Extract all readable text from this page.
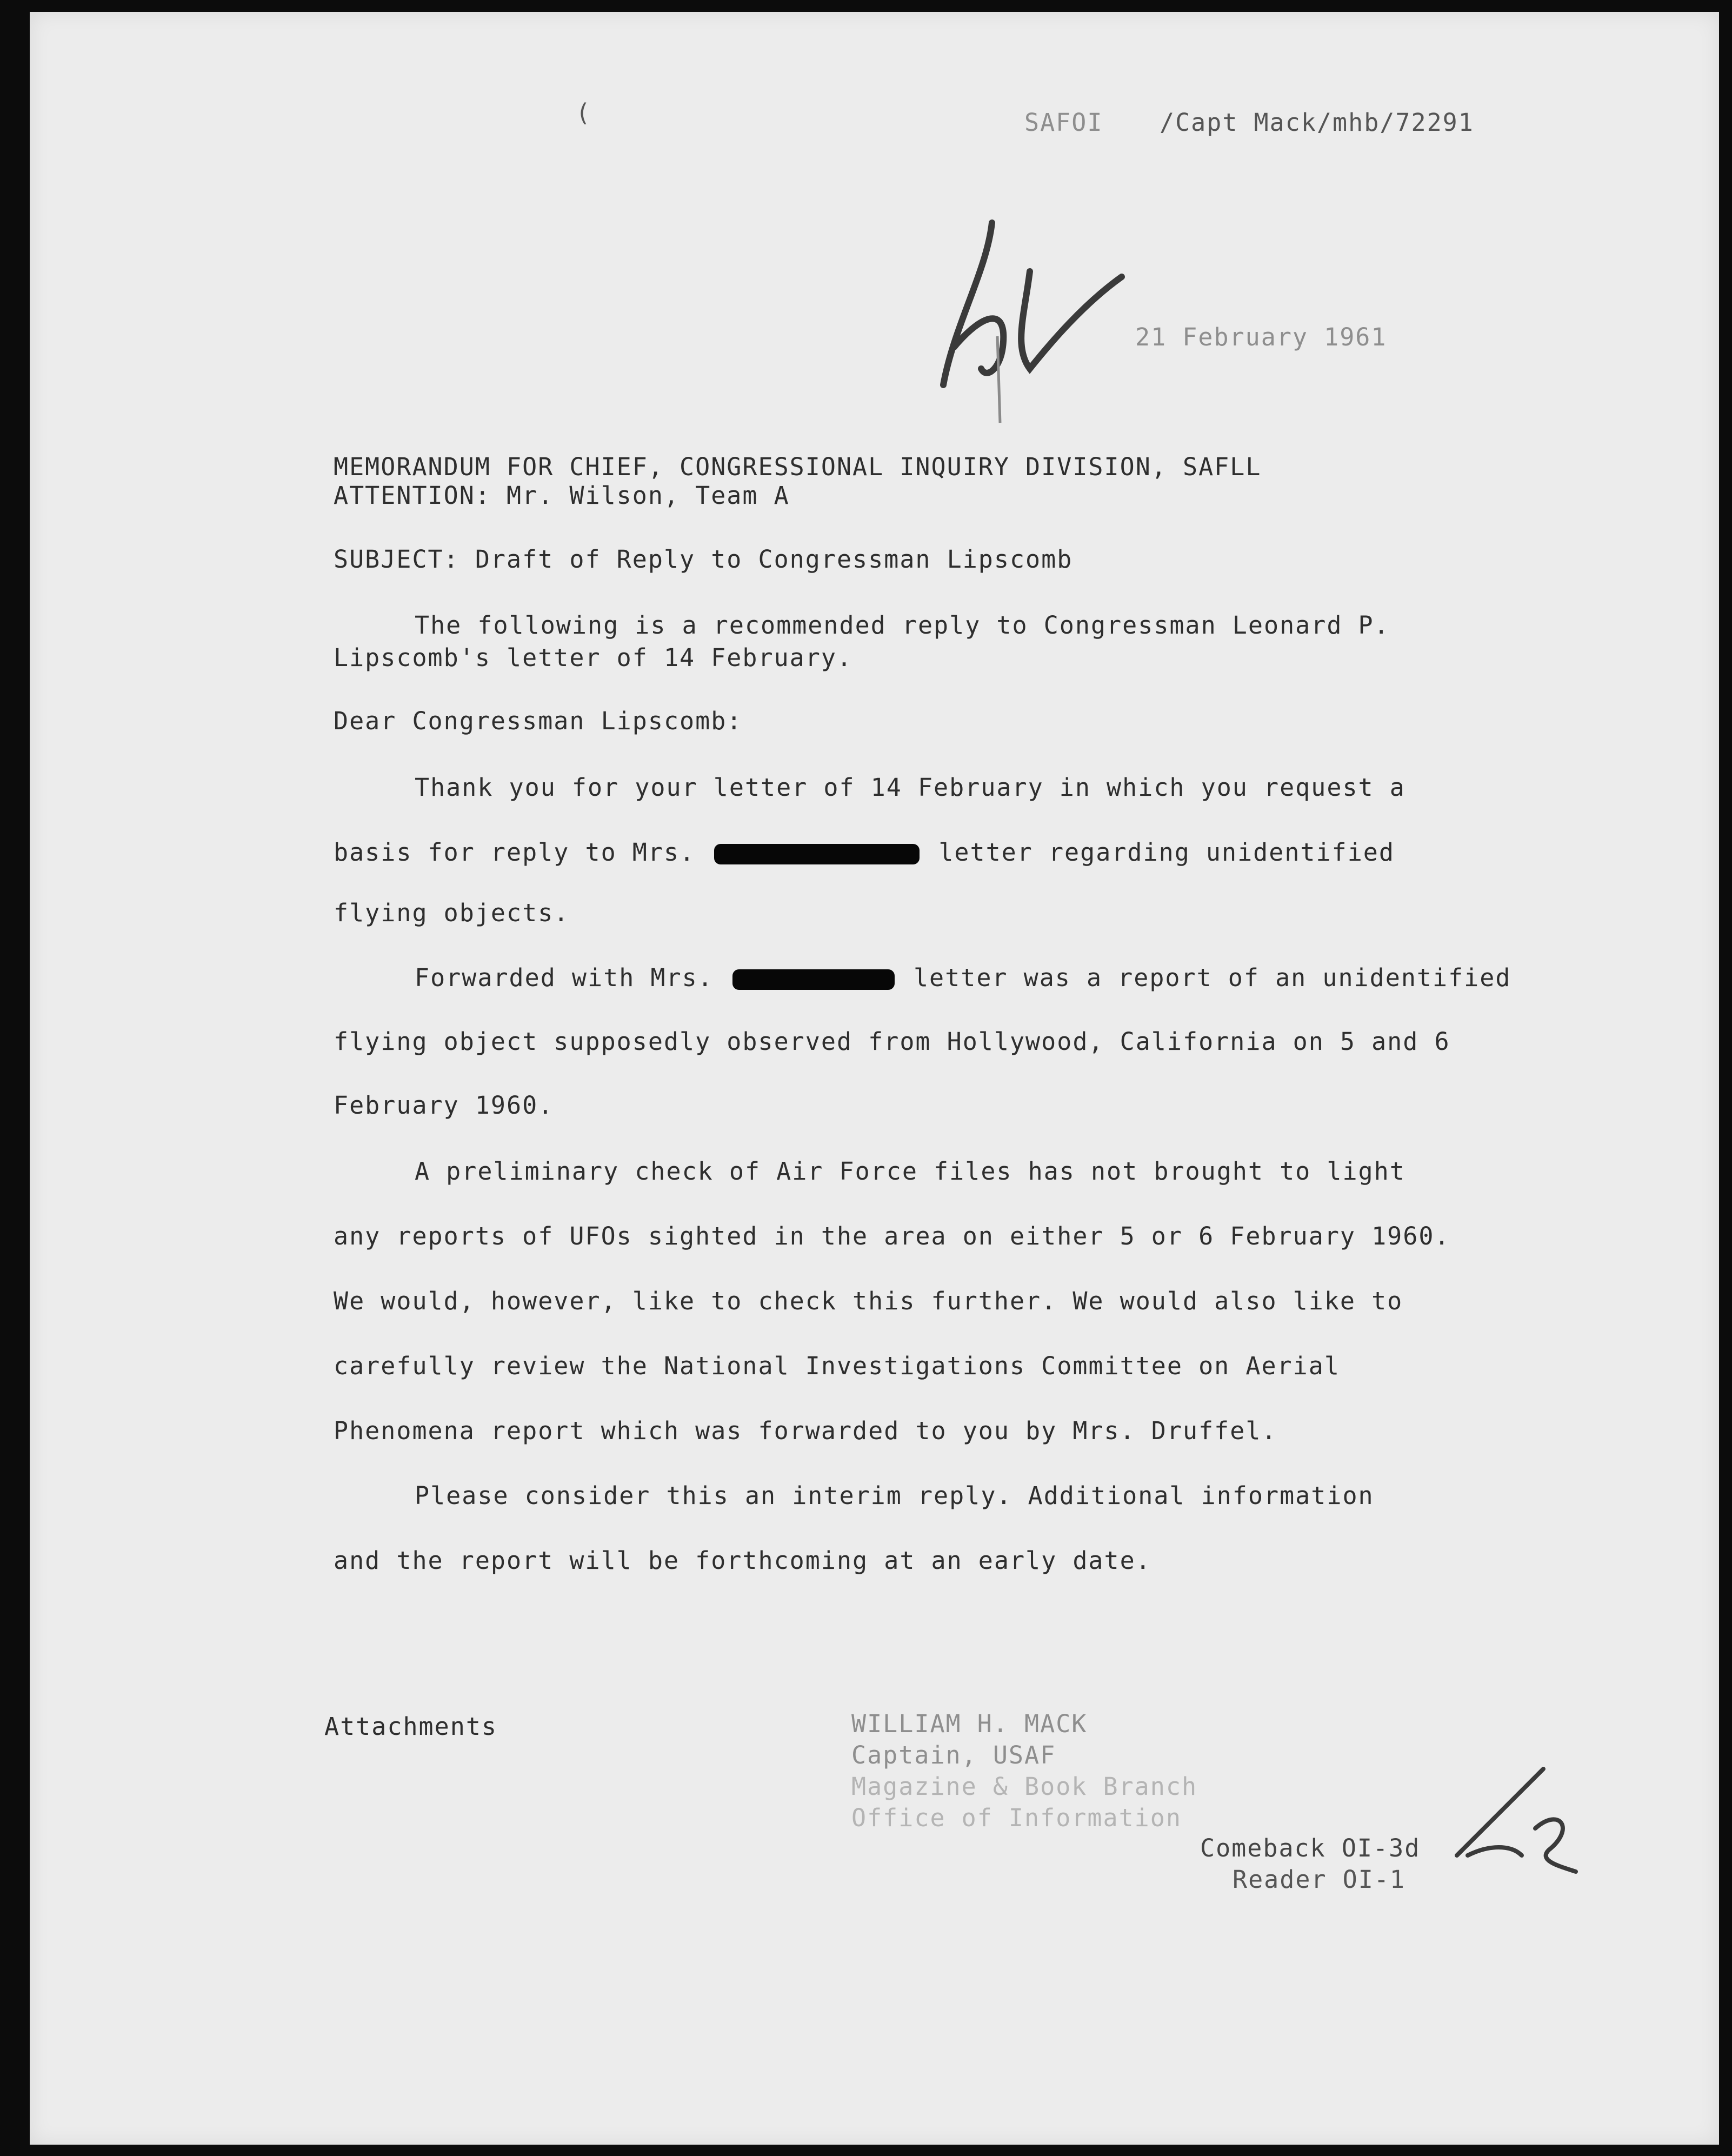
(	SAFOI /Capt Mack/mhb/72291
21 February 1961
MEMORANDUM FOR CHIEF, CONGRESSIONAL INQUIRY DIVISION, SAFLL
ATTENTION: Mr. Wilson, Team A
SUBJECT: Draft of Reply to Congressman Lipscomb
The following is a recommended reply to Congressman Leonard P.
Lipscomb's letter of 14 February.
Dear Congressman Lipscomb:
Thank you for your letter of 14 February in which you request a
basis for reply to Mrs.	letter regarding unidentified
flying objects.
Forwarded with Mrs.	letter was a report of an unidentified
flying object supposedly observed from Hollywood, California on 5 and 6
February 1960.
A preliminary check of Air Force files has not brought to light
any reports of UFOs sighted in the area on either 5 or 6 February 1960.
We would, however, like to check this further. We would also like to
carefully review the National Investigations Committee on Aerial
Phenomena report which was forwarded to you by Mrs. Druffel.
Please consider this an interim reply. Additional information
and the report will be forthcoming at an early date.
Attachments	WILLIAM H. MACK
Captain, USAF
Magazine & Book Branch
Office of Information
Comeback OI-3d
Reader OI-1
